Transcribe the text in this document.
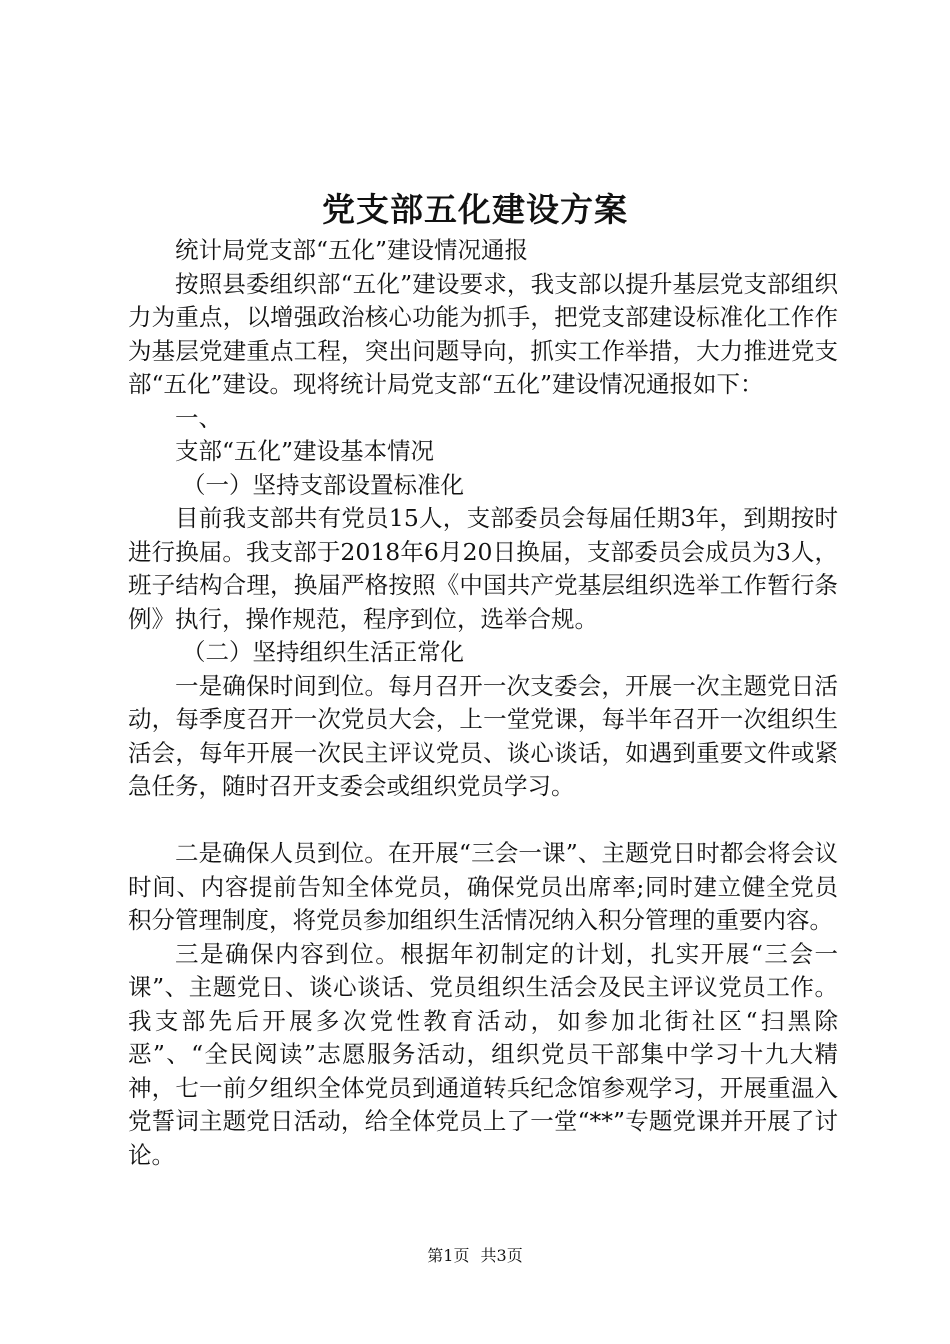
党支部五化建设方案

统计局党支部“五化”建设情况通报

按照县委组织部“五化”建设要求，我支部以提升基层党支部组织力为重点，以增强政治核心功能为抓手，把党支部建设标准化工作作为基层党建重点工程，突出问题导向，抓实工作举措，大力推进党支部“五化”建设。现将统计局党支部“五化”建设情况通报如下：

一、

支部“五化”建设基本情况

（一）坚持支部设置标准化

目前我支部共有党员15人，支部委员会每届任期3年，到期按时进行换届。我支部于2018年6月20日换届，支部委员会成员为3人，班子结构合理，换届严格按照《中国共产党基层组织选举工作暂行条例》执行，操作规范，程序到位，选举合规。

（二）坚持组织生活正常化

一是确保时间到位。每月召开一次支委会，开展一次主题党日活动，每季度召开一次党员大会，上一堂党课，每半年召开一次组织生活会，每年开展一次民主评议党员、谈心谈话，如遇到重要文件或紧急任务，随时召开支委会或组织党员学习。

二是确保人员到位。在开展“三会一课”、主题党日时都会将会议时间、内容提前告知全体党员，确保党员出席率;同时建立健全党员积分管理制度，将党员参加组织生活情况纳入积分管理的重要内容。

三是确保内容到位。根据年初制定的计划，扎实开展“三会一课”、主题党日、谈心谈话、党员组织生活会及民主评议党员工作。我支部先后开展多次党性教育活动，如参加北街社区“扫黑除恶”、“全民阅读”志愿服务活动，组织党员干部集中学习十九大精神，七一前夕组织全体党员到通道转兵纪念馆参观学习，开展重温入党誓词主题党日活动，给全体党员上了一堂“**”专题党课并开展了讨论。

第1页 共3页
